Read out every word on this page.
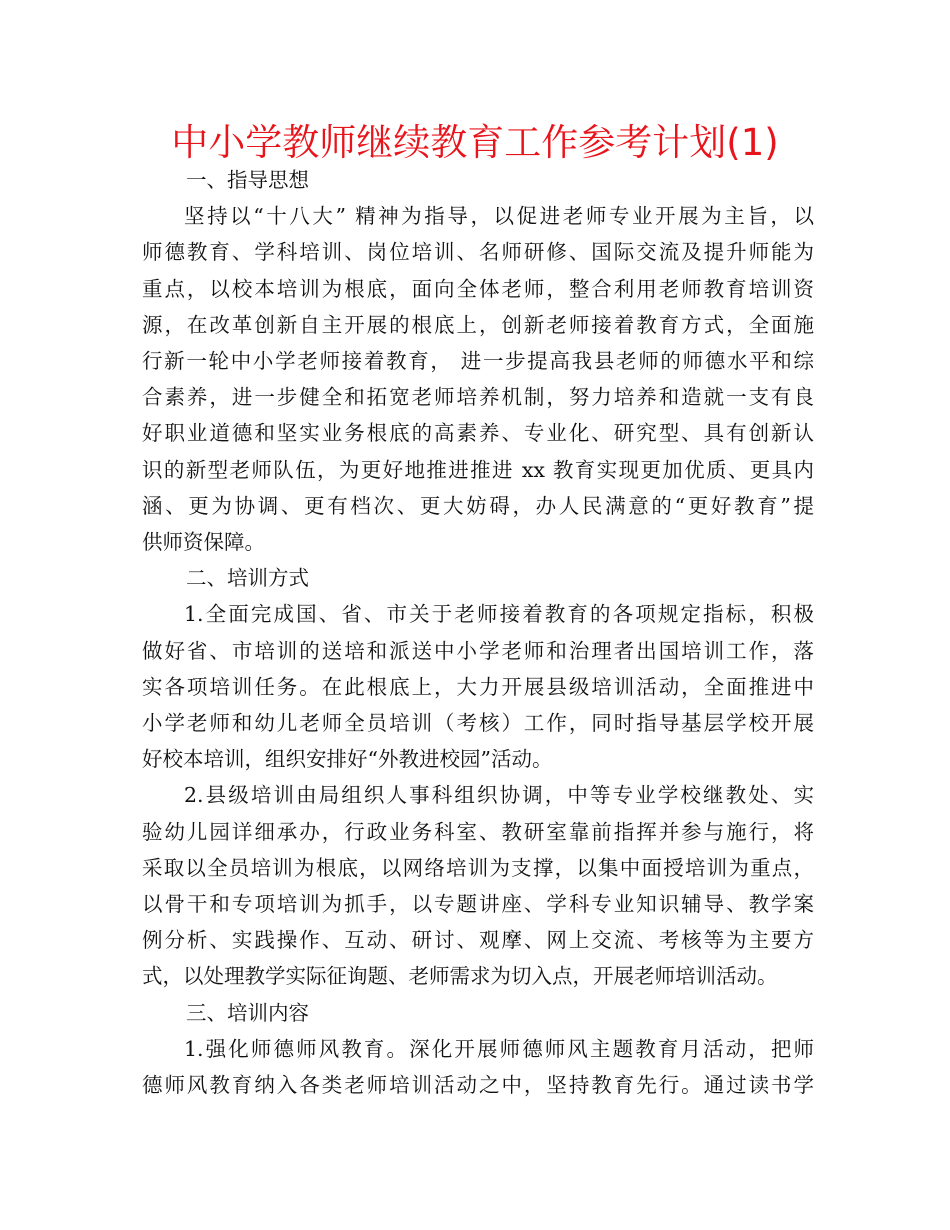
中小学教师继续教育工作参考计划(1)
一、指导思想
坚持以“十八大” 精神为指导，以促进老师专业开展为主旨，以
师德教育、学科培训、岗位培训、名师研修、国际交流及提升师能为
重点，以校本培训为根底，面向全体老师，整合利用老师教育培训资
源，在改革创新自主开展的根底上，创新老师接着教育方式，全面施
行新一轮中小学老师接着教育， 进一步提高我县老师的师德水平和综
合素养，进一步健全和拓宽老师培养机制，努力培养和造就一支有良
好职业道德和坚实业务根底的高素养、专业化、研究型、具有创新认
识的新型老师队伍，为更好地推进推进 xx 教育实现更加优质、更具内
涵、更为协调、更有档次、更大妨碍，办人民满意的“更好教育”提
供师资保障。
二、培训方式
1.全面完成国、省、市关于老师接着教育的各项规定指标，积极
做好省、市培训的送培和派送中小学老师和治理者出国培训工作，落
实各项培训任务。在此根底上，大力开展县级培训活动，全面推进中
小学老师和幼儿老师全员培训（考核）工作，同时指导基层学校开展
好校本培训，组织安排好“外教进校园”活动。
2.县级培训由局组织人事科组织协调，中等专业学校继教处、实
验幼儿园详细承办，行政业务科室、教研室靠前指挥并参与施行，将
采取以全员培训为根底，以网络培训为支撑，以集中面授培训为重点，
以骨干和专项培训为抓手，以专题讲座、学科专业知识辅导、教学案
例分析、实践操作、互动、研讨、观摩、网上交流、考核等为主要方
式，以处理教学实际征询题、老师需求为切入点，开展老师培训活动。
三、培训内容
1.强化师德师风教育。深化开展师德师风主题教育月活动，把师
德师风教育纳入各类老师培训活动之中，坚持教育先行。通过读书学
